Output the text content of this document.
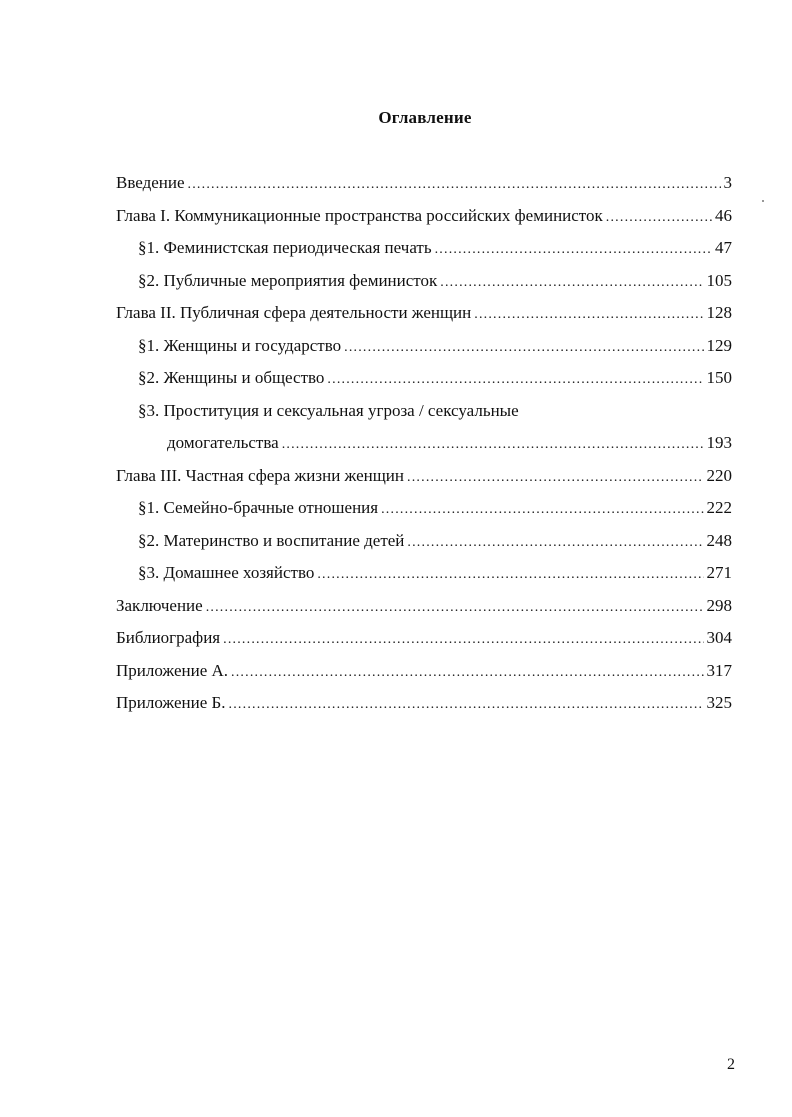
Оглавление
Введение .....	3
Глава I. Коммуникационные пространства российских феминисток .....	46
§1. Феминистская периодическая печать .....	47
§2. Публичные мероприятия феминисток .....	105
Глава II. Публичная сфера деятельности женщин .....	128
§1. Женщины и государство .....	129
§2. Женщины и общество .....	150
§3. Проституция и сексуальная угроза / сексуальные
домогательства .....	193
Глава III. Частная сфера жизни женщин .....	220
§1. Семейно-брачные отношения .....	222
§2. Материнство и воспитание детей .....	248
§3. Домашнее хозяйство .....	271
Заключение .....	298
Библиография .....	304
Приложение А. .....	317
Приложение Б. .....	325
2
